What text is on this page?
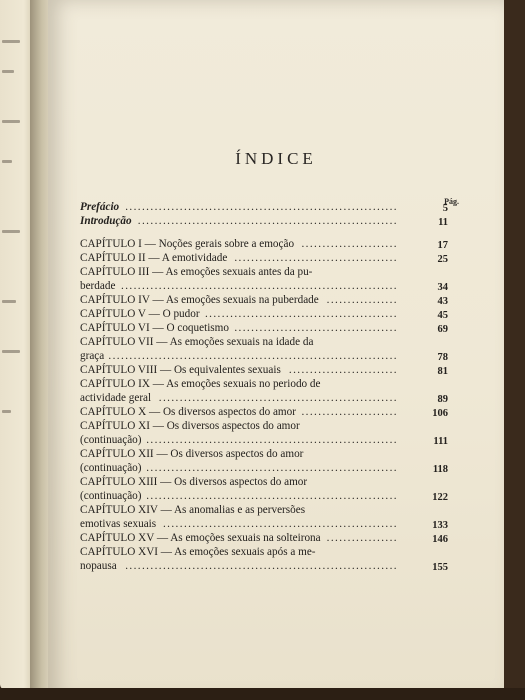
ÍNDICE
Pág.
Prefácio .................................................................	5
Introdução ..............................................................	11
CAPÍTULO I — Noções gerais sobre a emoção .......................	17
CAPÍTULO II — A emotividade .......................................	25
CAPÍTULO III — As emoções sexuais antes da pu-
berdade ..................................................................	34
CAPÍTULO IV — As emoções sexuais na puberdade .................	43
CAPÍTULO V — O pudor ..............................................	45
CAPÍTULO VI — O coquetismo .......................................	69
CAPÍTULO VII — As emoções sexuais na idade da
graça .....................................................................	78
CAPÍTULO VIII — Os equivalentes sexuais ..........................	81
CAPÍTULO IX — As emoções sexuais no periodo de
actividade geral .........................................................	89
CAPÍTULO X — Os diversos aspectos do amor .......................	106
CAPÍTULO XI — Os diversos aspectos do amor
(continuação) ............................................................	111
CAPÍTULO XII — Os diversos aspectos do amor
(continuação) ............................................................	118
CAPÍTULO XIII — Os diversos aspectos do amor
(continuação) ............................................................	122
CAPÍTULO XIV — As anomalias e as perversões
emotivas sexuais ........................................................	133
CAPÍTULO XV — As emoções sexuais na solteirona .................	146
CAPÍTULO XVI — As emoções sexuais após a me-
nopausa .................................................................	155
